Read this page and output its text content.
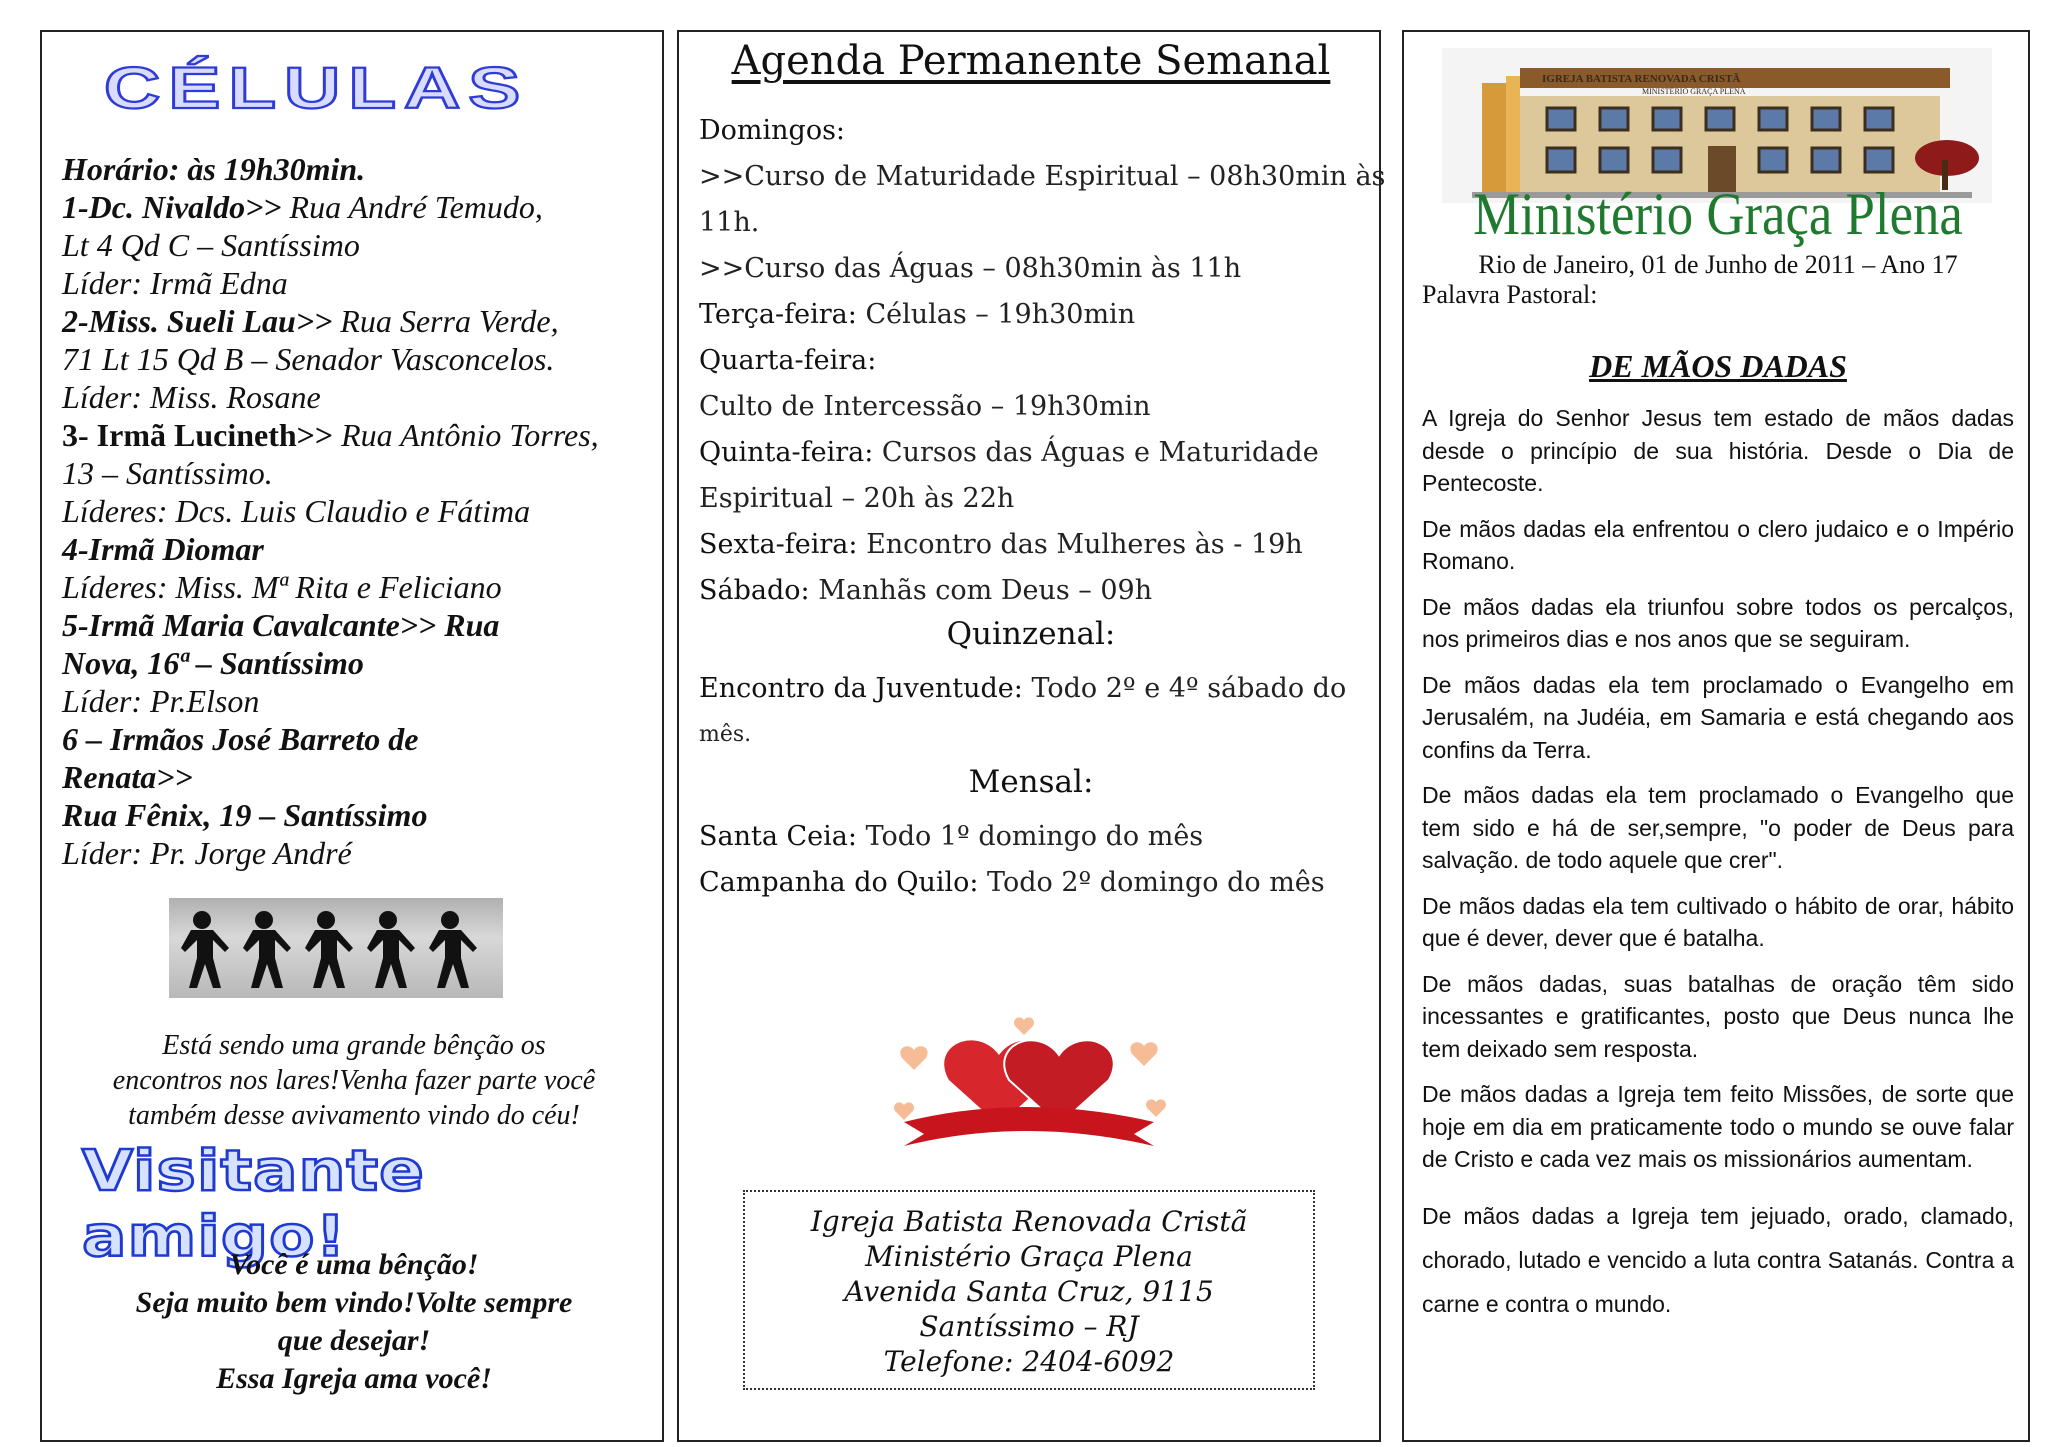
CÉLULAS
Horário: às 19h30min.
1-Dc. Nivaldo>> Rua André Temudo,
Lt 4 Qd C – Santíssimo
Líder: Irmã Edna
2-Miss. Sueli Lau>> Rua Serra Verde,
71 Lt 15 Qd B – Senador Vasconcelos.
Líder: Miss. Rosane
3- Irmã Lucineth>> Rua Antônio Torres,
13 – Santíssimo.
Líderes: Dcs. Luis Claudio e Fátima
4-Irmã Diomar
Líderes: Miss. Mª Rita e Feliciano
5-Irmã Maria Cavalcante>> Rua
Nova, 16ª – Santíssimo
Líder: Pr.Elson
6 – Irmãos José Barreto de
Renata>>
Rua Fênix, 19 – Santíssimo
Líder: Pr. Jorge André
Está sendo uma grande bênção os
encontros nos lares!Venha fazer parte você
também desse avivamento vindo do céu!
Visitante amigo!
Você é uma bênção!
Seja muito bem vindo!Volte sempre
que desejar!
Essa Igreja ama você!
Agenda Permanente Semanal
Domingos:
>>Curso de Maturidade Espiritual – 08h30min às
11h.
>>Curso das Águas – 08h30min às 11h
Terça-feira: Células – 19h30min
Quarta-feira:
Culto de Intercessão – 19h30min
Quinta-feira: Cursos das Águas e Maturidade
Espiritual – 20h às 22h
Sexta-feira: Encontro das Mulheres às - 19h
Sábado: Manhãs com Deus – 09h
Quinzenal:
Encontro da Juventude: Todo 2º e 4º sábado do
mês.
Mensal:
Santa Ceia: Todo 1º domingo do mês
Campanha do Quilo: Todo 2º domingo do mês
Igreja Batista Renovada Cristã
Ministério Graça Plena
Avenida Santa Cruz, 9115
Santíssimo – RJ
Telefone: 2404-6092
IGREJA BATISTA RENOVADA CRISTÃ
MINISTÉRIO GRAÇA PLENA
Ministério Graça Plena
Rio de Janeiro, 01 de Junho de 2011 – Ano 17
Palavra Pastoral:
DE MÃOS DADAS

A Igreja do Senhor Jesus tem estado de mãos dadas desde o princípio de sua história. Desde o Dia de Pentecoste.

De mãos dadas ela enfrentou o clero judaico e o Império Romano.

De mãos dadas ela triunfou sobre todos os percalços, nos primeiros dias e nos anos que se seguiram.

De mãos dadas ela tem proclamado o Evangelho em Jerusalém, na Judéia, em Samaria e está chegando aos confins da Terra.

De mãos dadas ela tem proclamado o Evangelho que tem sido e há de ser,sempre, "o poder de Deus para salvação. de todo aquele que crer".

De mãos dadas ela tem cultivado o hábito de orar, hábito que é dever, dever que é batalha.

De mãos dadas, suas batalhas de oração têm sido incessantes e gratificantes, posto que Deus nunca lhe tem deixado sem resposta.

De mãos dadas a Igreja tem feito Missões, de sorte que hoje em dia em praticamente todo o mundo se ouve falar de Cristo e cada vez mais os missionários aumentam.

De mãos dadas a Igreja tem jejuado, orado, clamado, chorado, lutado e vencido a luta contra Satanás. Contra a carne e contra o mundo.
